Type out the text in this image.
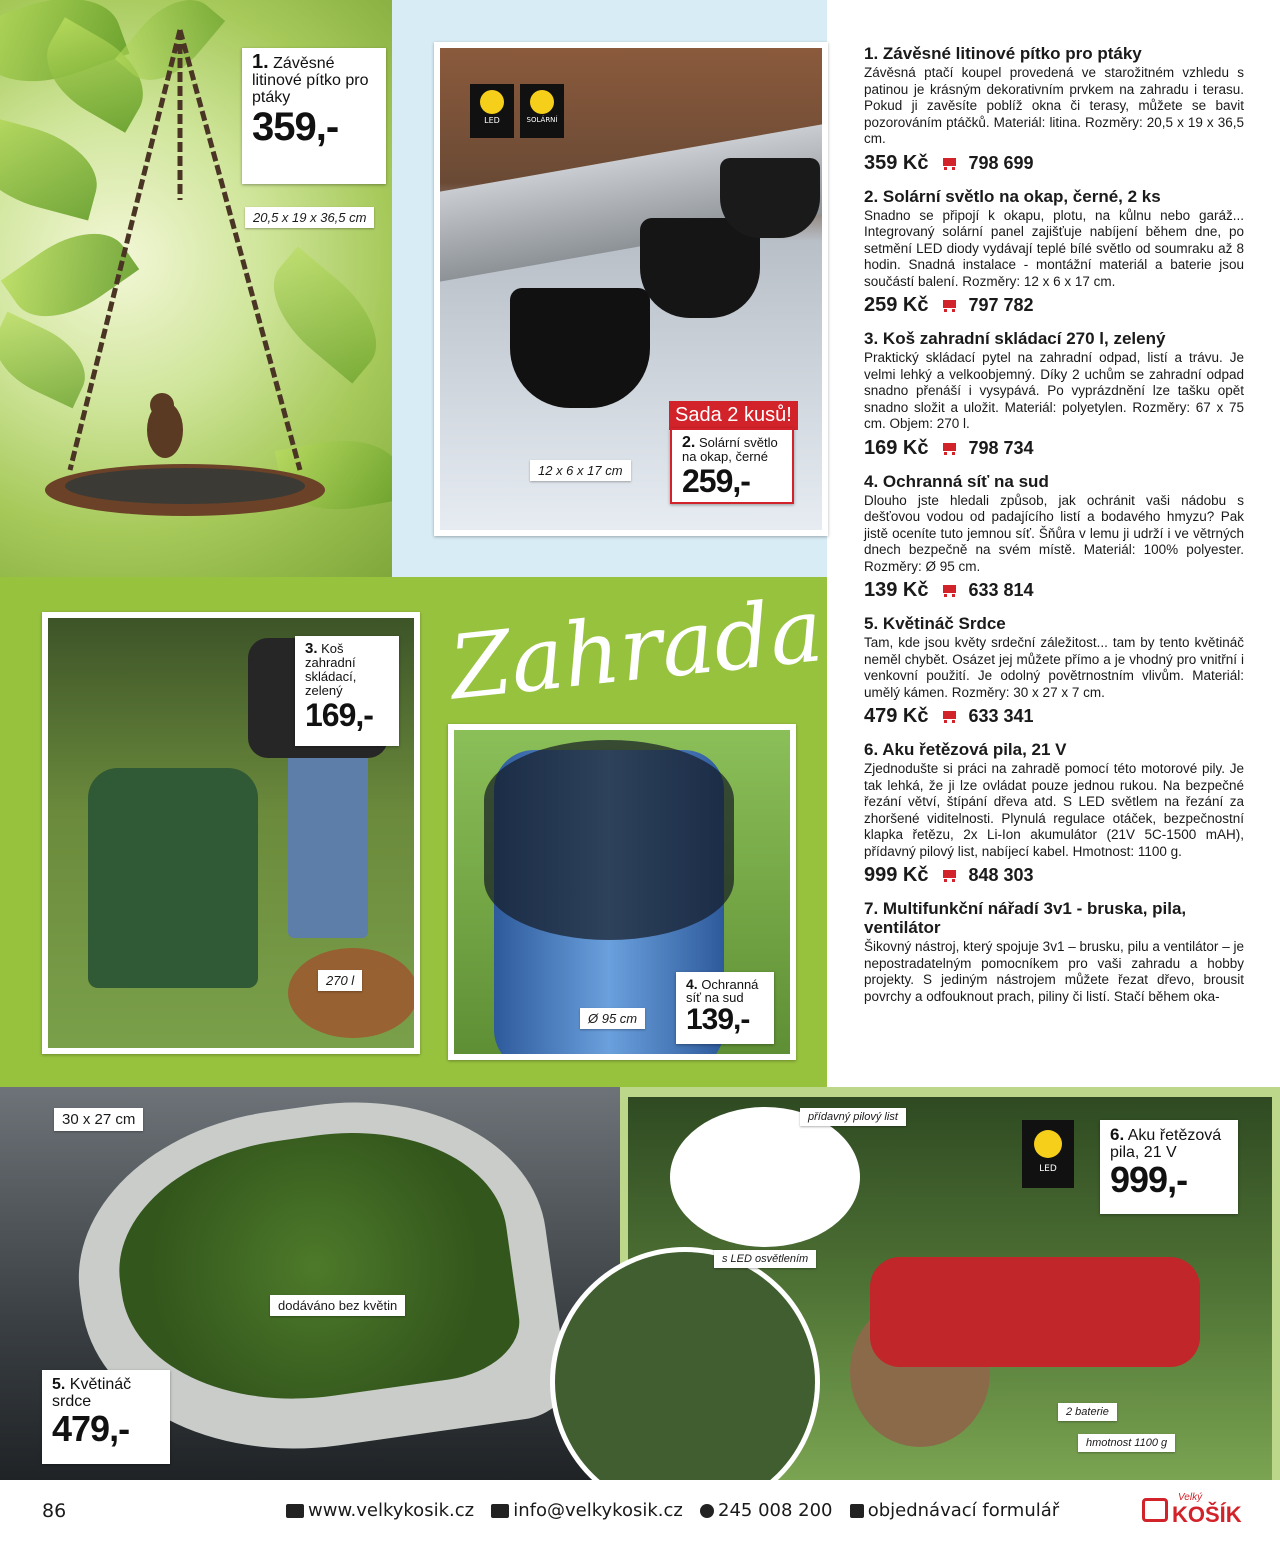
1. Závěsné litinové pítko pro ptáky
359,-
20,5 x 19 x 36,5 cm
LED	SOLÁRNÍ
Sada 2 kusů!
2. Solární světlo na okap, černé
259,-
12 x 6 x 17 cm
Zahrada
3. Koš zahradní skládací, zelený
169,-
270 l	4. Ochranná síť na sud
139,-
Ø 95 cm
1. Závěsné litinové pítko pro ptáky

Závěsná ptačí koupel provedená ve starožitném vzhledu s patinou je krásným dekorativním prvkem na zahradu i terasu. Pokud ji zavěsíte poblíž okna či terasy, můžete se bavit pozorováním ptáčků. Materiál: litina. Rozměry: 20,5 x 19 x 36,5 cm.

359 Kč 798 699
2. Solární světlo na okap, černé, 2 ks

Snadno se připojí k okapu, plotu, na kůlnu nebo garáž... Integrovaný solární panel zajišťuje nabíjení během dne, po setmění LED diody vydávají teplé bílé světlo od soumraku až 8 hodin. Snadná instalace - montážní materiál a baterie jsou součástí balení. Rozměry: 12 x 6 x 17 cm.

259 Kč 797 782
3. Koš zahradní skládací 270 l, zelený

Praktický skládací pytel na zahradní odpad, listí a trávu. Je velmi lehký a velkoobjemný. Díky 2 uchům se zahradní odpad snadno přenáší i vysypává. Po vyprázdnění lze tašku opět snadno složit a uložit. Materiál: polyetylen. Rozměry: 67 x 75 cm. Objem: 270 l.

169 Kč 798 734
4. Ochranná síť na sud

Dlouho jste hledali způsob, jak ochránit vaši nádobu s dešťovou vodou od padajícího listí a bodavého hmyzu? Pak jistě oceníte tuto jemnou síť. Šňůra v lemu ji udrží i ve větrných dnech bezpečně na svém místě. Materiál: 100% polyester. Rozměry: Ø 95 cm.

139 Kč 633 814
5. Květináč Srdce

Tam, kde jsou květy srdeční záležitost... tam by tento květináč neměl chybět. Osázet jej můžete přímo a je vhodný pro vnitřní i venkovní použití. Je odolný povětrnostním vlivům. Materiál: umělý kámen. Rozměry: 30 x 27 x 7 cm.

479 Kč 633 341
6. Aku řetězová pila, 21 V

Zjednodušte si práci na zahradě pomocí této motorové pily. Je tak lehká, že ji lze ovládat pouze jednou rukou. Na bezpečné řezání větví, štípání dřeva atd. S LED světlem na řezání za zhoršené viditelnosti. Plynulá regulace otáček, bezpečnostní klapka řetězu, 2x Li-Ion akumulátor (21V 5C-1500 mAH), přídavný pilový list, nabíjecí kabel. Hmotnost: 1100 g.

999 Kč 848 303
7. Multifunkční nářadí 3v1 - bruska, pila, ventilátor

Šikovný nástroj, který spojuje 3v1 – brusku, pilu a ventilátor – je nepostradatelným pomocníkem pro vaši zahradu a hobby projekty. S jediným nástrojem můžete řezat dřevo, brousit povrchy a odfouknout prach, piliny či listí. Stačí během oka-

30 x 27 cm
dodáváno bez květin
5. Květináč srdce
479,-
LED
6. Aku řetězová pila, 21 V
999,-
přídavný pilový list
s LED osvětlením
2 baterie
hmotnost 1100 g
86	www.velkykosik.cz info@velkykosik.cz 245 008 200 objednávací formulář
Velký
KOŠÍK
